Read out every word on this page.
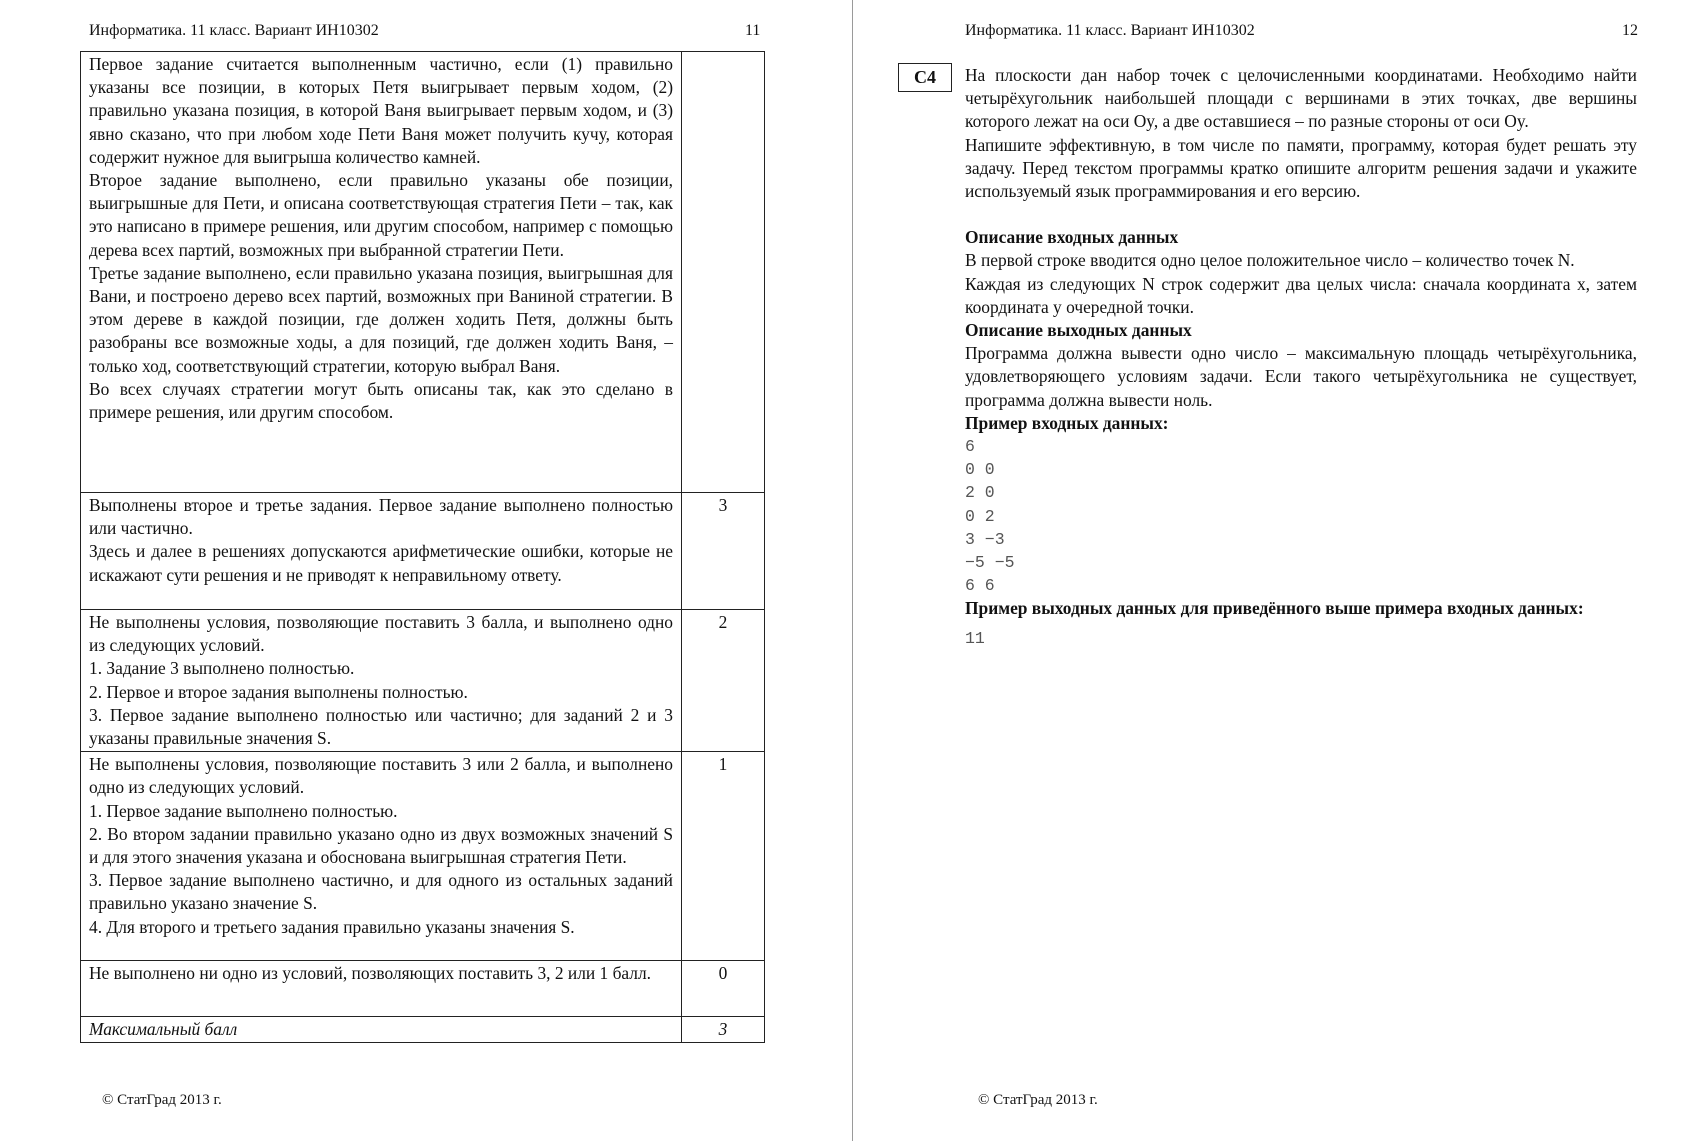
Информатика. 11 класс. Вариант ИН10302	11

Первое задание считается выполненным частично, если (1) правильно указаны все позиции, в которых Петя выигрывает первым ходом, (2) правильно указана позиция, в которой Ваня выигрывает первым ходом, и (3) явно сказано, что при любом ходе Пети Ваня может получить кучу, которая содержит нужное для выигрыша количество камней.

Второе задание выполнено, если правильно указаны обе позиции, выигрышные для Пети, и описана соответствующая стратегия Пети – так, как это написано в примере решения, или другим способом, например с помощью дерева всех партий, возможных при выбранной стратегии Пети.

Третье задание выполнено, если правильно указана позиция, выигрышная для Вани, и построено дерево всех партий, возможных при Ваниной стратегии. В этом дереве в каждой позиции, где должен ходить Петя, должны быть разобраны все возможные ходы, а для позиций, где должен ходить Ваня, – только ход, соответствующий стратегии, которую выбрал Ваня.

Во всех случаях стратегии могут быть описаны так, как это сделано в примере решения, или другим способом.	

Выполнены второе и третье задания. Первое задание выполнено полностью или частично.

Здесь и далее в решениях допускаются арифметические ошибки, которые не искажают сути решения и не приводят к неправильному ответу.	3

Не выполнены условия, позволяющие поставить 3 балла, и выполнено одно из следующих условий.

1. Задание 3 выполнено полностью.

2. Первое и второе задания выполнены полностью.

3. Первое задание выполнено полностью или частично; для заданий 2 и 3 указаны правильные значения S.	2

Не выполнены условия, позволяющие поставить 3 или 2 балла, и выполнено одно из следующих условий.

1. Первое задание выполнено полностью.

2. Во втором задании правильно указано одно из двух возможных значений S и для этого значения указана и обоснована выигрышная стратегия Пети.

3. Первое задание выполнено частично, и для одного из остальных заданий правильно указано значение S.

4. Для второго и третьего задания правильно указаны значения S.	1

Не выполнено ни одно из условий, позволяющих поставить 3, 2 или 1 балл.	0
Максимальный балл	3
© СтатГрад 2013 г.
Информатика. 11 класс. Вариант ИН10302	12
C4	На плоскости дан набор точек с целочисленными координатами. Необходимо найти четырёхугольник наибольшей площади с вершинами в этих точках, две вершины которого лежат на оси Oy, а две оставшиеся – по разные стороны от оси Oy.

Напишите эффективную, в том числе по памяти, программу, которая будет решать эту задачу. Перед текстом программы кратко опишите алгоритм решения задачи и укажите используемый язык программирования и его версию.

Описание входных данных

В первой строке вводится одно целое положительное число – количество точек N.

Каждая из следующих N строк содержит два целых числа: сначала координата x, затем координата y очередной точки.

Описание выходных данных

Программа должна вывести одно число – максимальную площадь четырёхугольника, удовлетворяющего условиям задачи. Если такого четырёхугольника не существует, программа должна вывести ноль.

Пример входных данных:
6
0 0
2 0
0 2
3 −3
−5 −5
6 6
Пример выходных данных для приведённого выше примера входных данных:
11
© СтатГрад 2013 г.
